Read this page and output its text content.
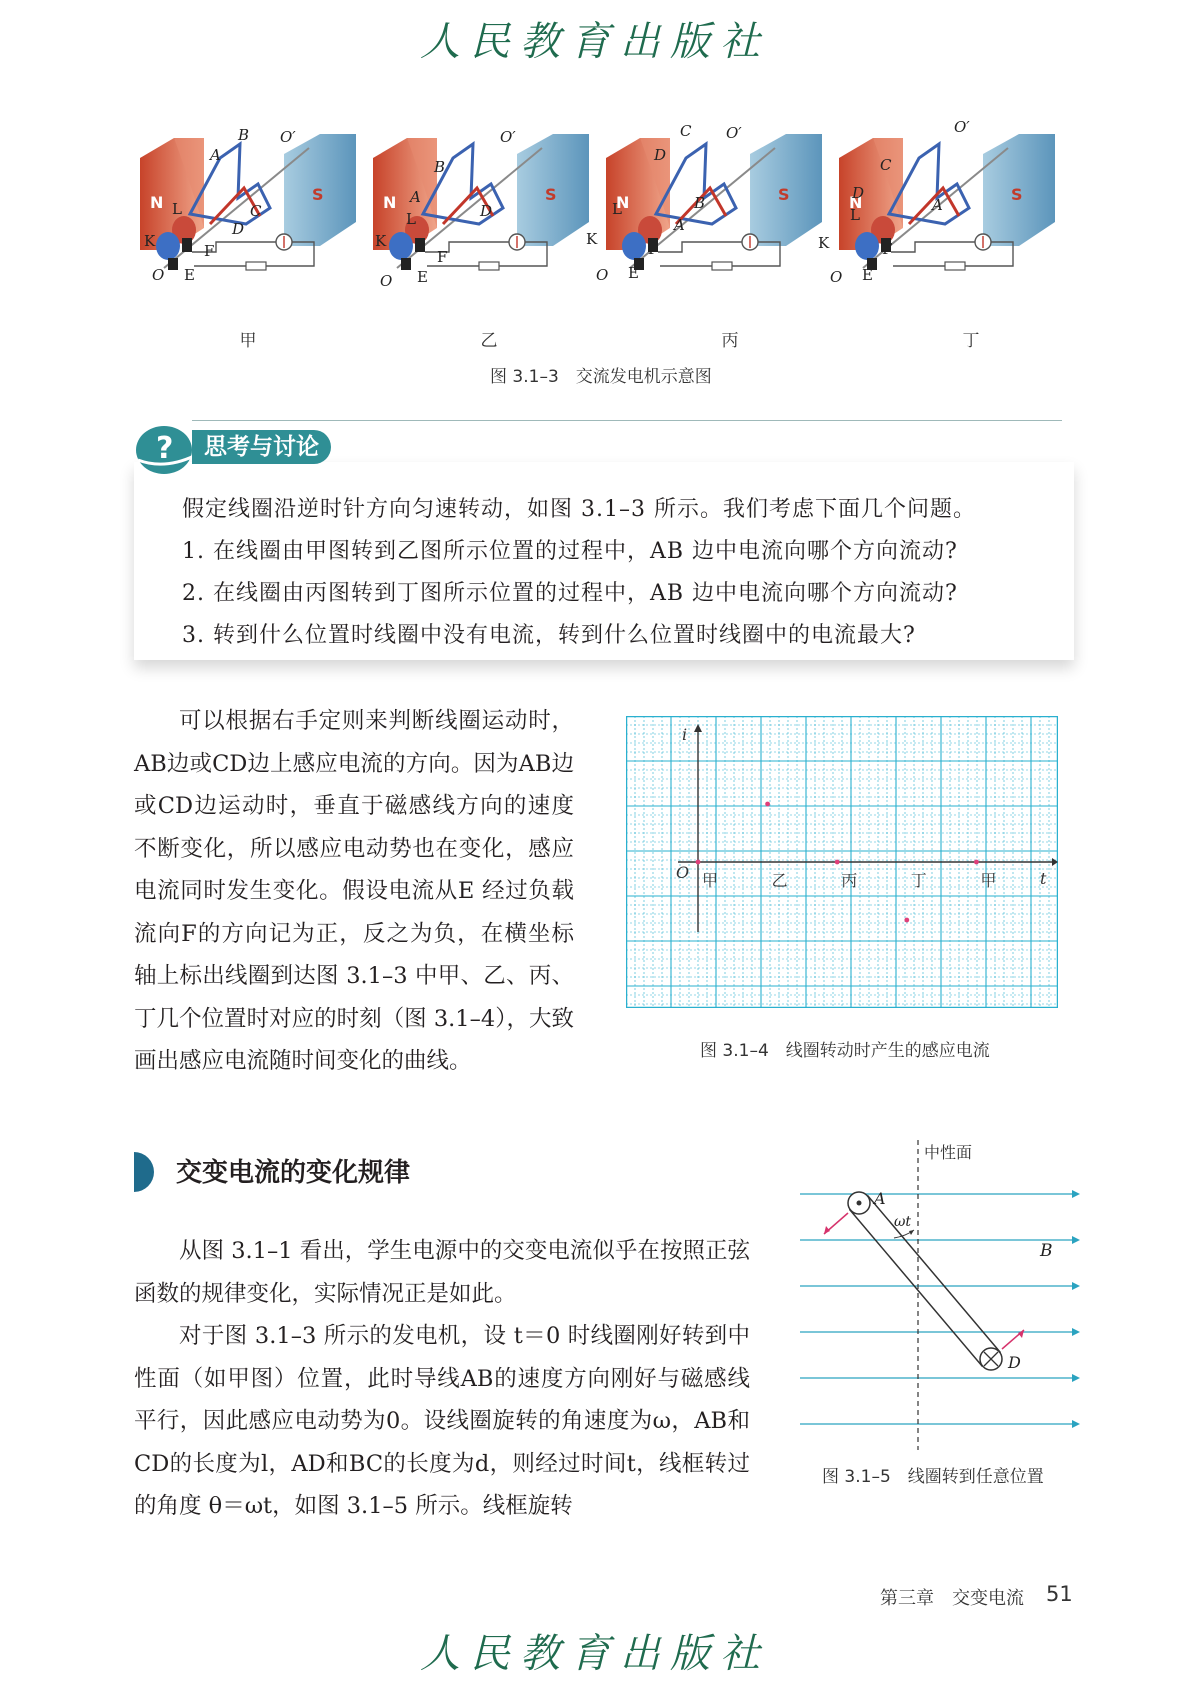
人民教育出版社
N	S
B O′
A
C
D
L
K
F
O E
B
O′
A
D
L
K
F
O E
C O′
D
B
A
L
K
F
O E
O′
C
D
A
L
K	F
O E
甲	乙	丙	丁
图 3.1–3　交流发电机示意图
?	思考与讨论
假定线圈沿逆时针方向匀速转动，如图 3.1–3 所示。我们考虑下面几个问题。
1. 在线圈由甲图转到乙图所示位置的过程中，AB 边中电流向哪个方向流动?
2. 在线圈由丙图转到丁图所示位置的过程中，AB 边中电流向哪个方向流动?
3. 转到什么位置时线圈中没有电流，转到什么位置时线圈中的电流最大?

可以根据右手定则来判断线圈运动时，AB边或CD边上感应电流的方向。因为AB边或CD边运动时，垂直于磁感线方向的速度不断变化，所以感应电动势也在变化，感应电流同时发生变化。假设电流从E 经过负载流向F的方向记为正，反之为负，在横坐标轴上标出线圈到达图 3.1–3 中甲、乙、丙、丁几个位置时对应的时刻（图 3.1–4），大致画出感应电流随时间变化的曲线。

i
t
O 甲	乙	丙	丁	甲
图 3.1–4　线圈转动时产生的感应电流
交变电流的变化规律

从图 3.1–1 看出，学生电源中的交变电流似乎在按照正弦函数的规律变化，实际情况正是如此。

对于图 3.1–3 所示的发电机，设 t＝0 时线圈刚好转到中性面（如甲图）位置，此时导线AB的速度方向刚好与磁感线平行，因此感应电动势为0。设线圈旋转的角速度为ω，AB和 CD的长度为l，AD和BC的长度为d，则经过时间t，线框转过的角度 θ＝ωt，如图 3.1–5 所示。线框旋转

中性面
A
D
B
ωt
图 3.1–5　线圈转到任意位置
第三章　交变电流 51
人民教育出版社
